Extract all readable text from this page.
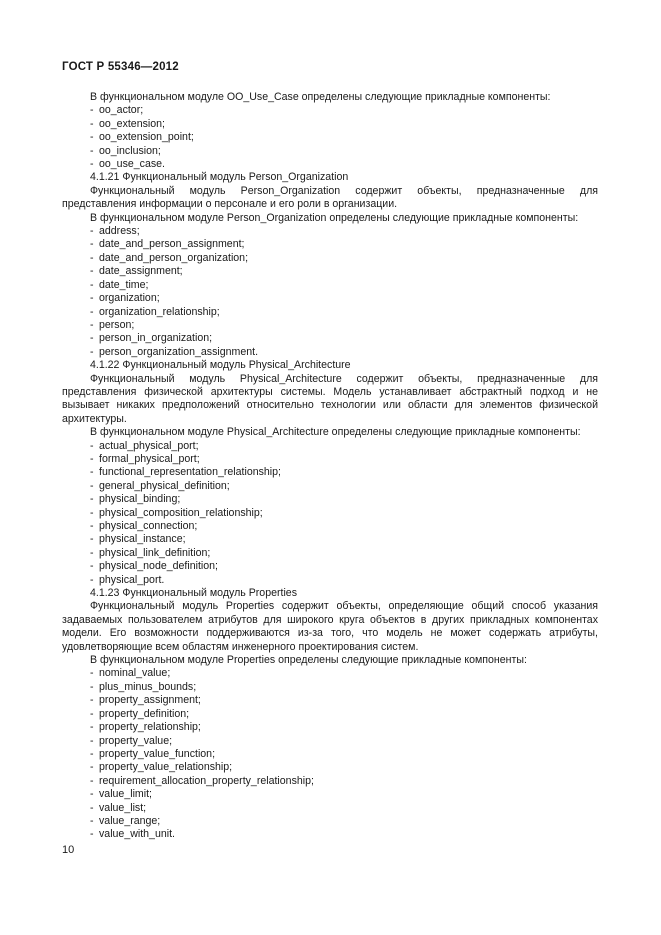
ГОСТ Р 55346—2012
В функциональном модуле OO_Use_Case определены следующие прикладные компоненты:
- oo_actor;
- oo_extension;
- oo_extension_point;
- oo_inclusion;
- oo_use_case.
4.1.21 Функциональный модуль Person_Organization
Функциональный модуль Person_Organization содержит объекты, предназначенные для представления информации о персонале и его роли в организации.
В функциональном модуле Person_Organization определены следующие прикладные компоненты:
- address;
- date_and_person_assignment;
- date_and_person_organization;
- date_assignment;
- date_time;
- organization;
- organization_relationship;
- person;
- person_in_organization;
- person_organization_assignment.
4.1.22 Функциональный модуль Physical_Architecture
Функциональный модуль Physical_Architecture содержит объекты, предназначенные для представления физической архитектуры системы. Модель устанавливает абстрактный подход и не вызывает никаких предположений относительно технологии или области для элементов физической архитектуры.
В функциональном модуле Physical_Architecture определены следующие прикладные компоненты:
- actual_physical_port;
- formal_physical_port;
- functional_representation_relationship;
- general_physical_definition;
- physical_binding;
- physical_composition_relationship;
- physical_connection;
- physical_instance;
- physical_link_definition;
- physical_node_definition;
- physical_port.
4.1.23 Функциональный модуль Properties
Функциональный модуль Properties содержит объекты, определяющие общий способ указания задаваемых пользователем атрибутов для широкого круга объектов в других прикладных компонентах модели. Его возможности поддерживаются из-за того, что модель не может содержать атрибуты, удовлетворяющие всем областям инженерного проектирования систем.
В функциональном модуле Properties определены следующие прикладные компоненты:
- nominal_value;
- plus_minus_bounds;
- property_assignment;
- property_definition;
- property_relationship;
- property_value;
- property_value_function;
- property_value_relationship;
- requirement_allocation_property_relationship;
- value_limit;
- value_list;
- value_range;
- value_with_unit.
10
